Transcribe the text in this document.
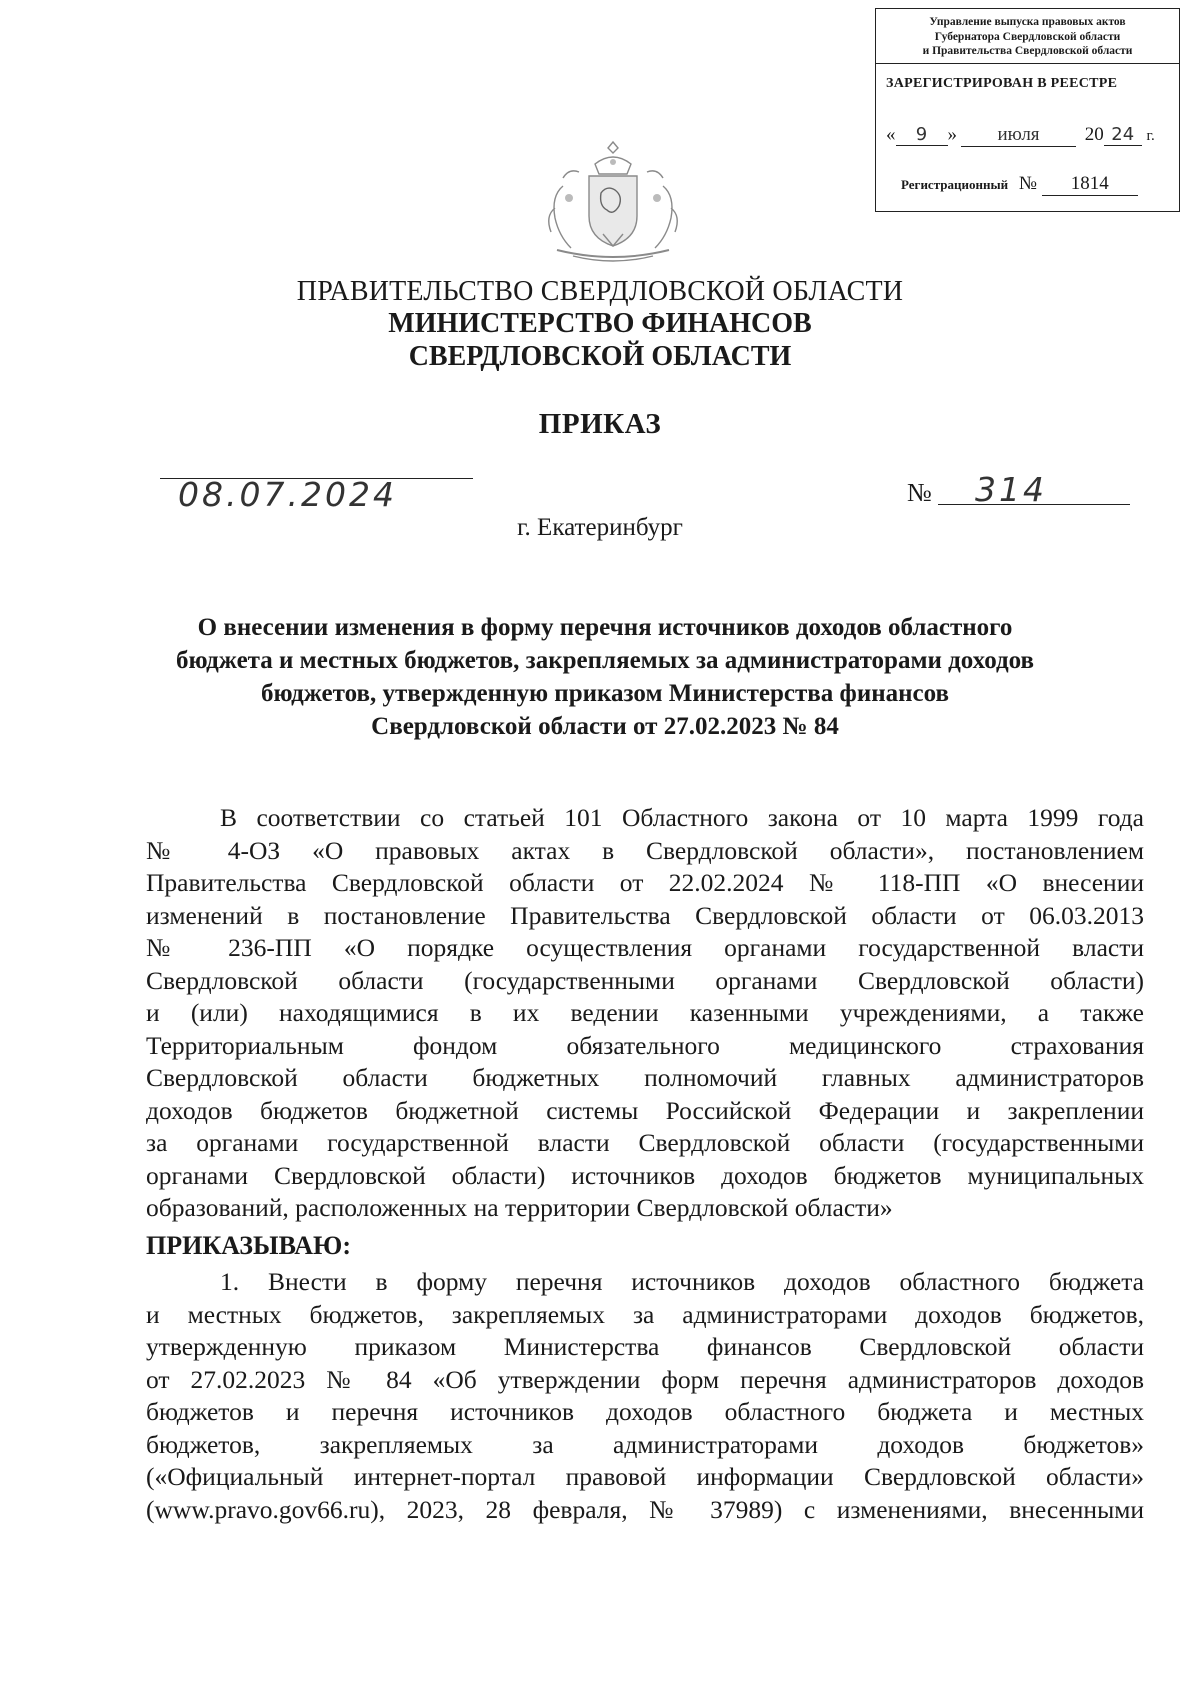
Управление выпуска правовых актов
Губернатора Свердловской области
и Правительства Свердловской области
ЗАРЕГИСТРИРОВАН В РЕЕСТРЕ
« 9 » июля 20 24 г.
Регистрационный № 1814
ПРАВИТЕЛЬСТВО СВЕРДЛОВСКОЙ ОБЛАСТИ
МИНИСТЕРСТВО ФИНАНСОВ
СВЕРДЛОВСКОЙ ОБЛАСТИ
ПРИКАЗ
08.07.2024	№ 314
г. Екатеринбург
О внесении изменения в форму перечня источников доходов областного
бюджета и местных бюджетов, закрепляемых за администраторами доходов
бюджетов, утвержденную приказом Министерства финансов
Свердловской области от 27.02.2023 № 84
В соответствии со статьей 101 Областного закона от 10 марта 1999 года
№ 4-ОЗ «О правовых актах в Свердловской области», постановлением
Правительства Свердловской области от 22.02.2024 № 118-ПП «О внесении
изменений в постановление Правительства Свердловской области от 06.03.2013
№ 236-ПП «О порядке осуществления органами государственной власти
Свердловской области (государственными органами Свердловской области)
и (или) находящимися в их ведении казенными учреждениями, а также
Территориальным фондом обязательного медицинского страхования
Свердловской области бюджетных полномочий главных администраторов
доходов бюджетов бюджетной системы Российской Федерации и закреплении
за органами государственной власти Свердловской области (государственными
органами Свердловской области) источников доходов бюджетов муниципальных
образований, расположенных на территории Свердловской области»
ПРИКАЗЫВАЮ:
1. Внести в форму перечня источников доходов областного бюджета
и местных бюджетов, закрепляемых за администраторами доходов бюджетов,
утвержденную приказом Министерства финансов Свердловской области
от 27.02.2023 № 84 «Об утверждении форм перечня администраторов доходов
бюджетов и перечня источников доходов областного бюджета и местных
бюджетов, закрепляемых за администраторами доходов бюджетов»
(«Официальный интернет-портал правовой информации Свердловской области»
(www.pravo.gov66.ru), 2023, 28 февраля, № 37989) с изменениями, внесенными
